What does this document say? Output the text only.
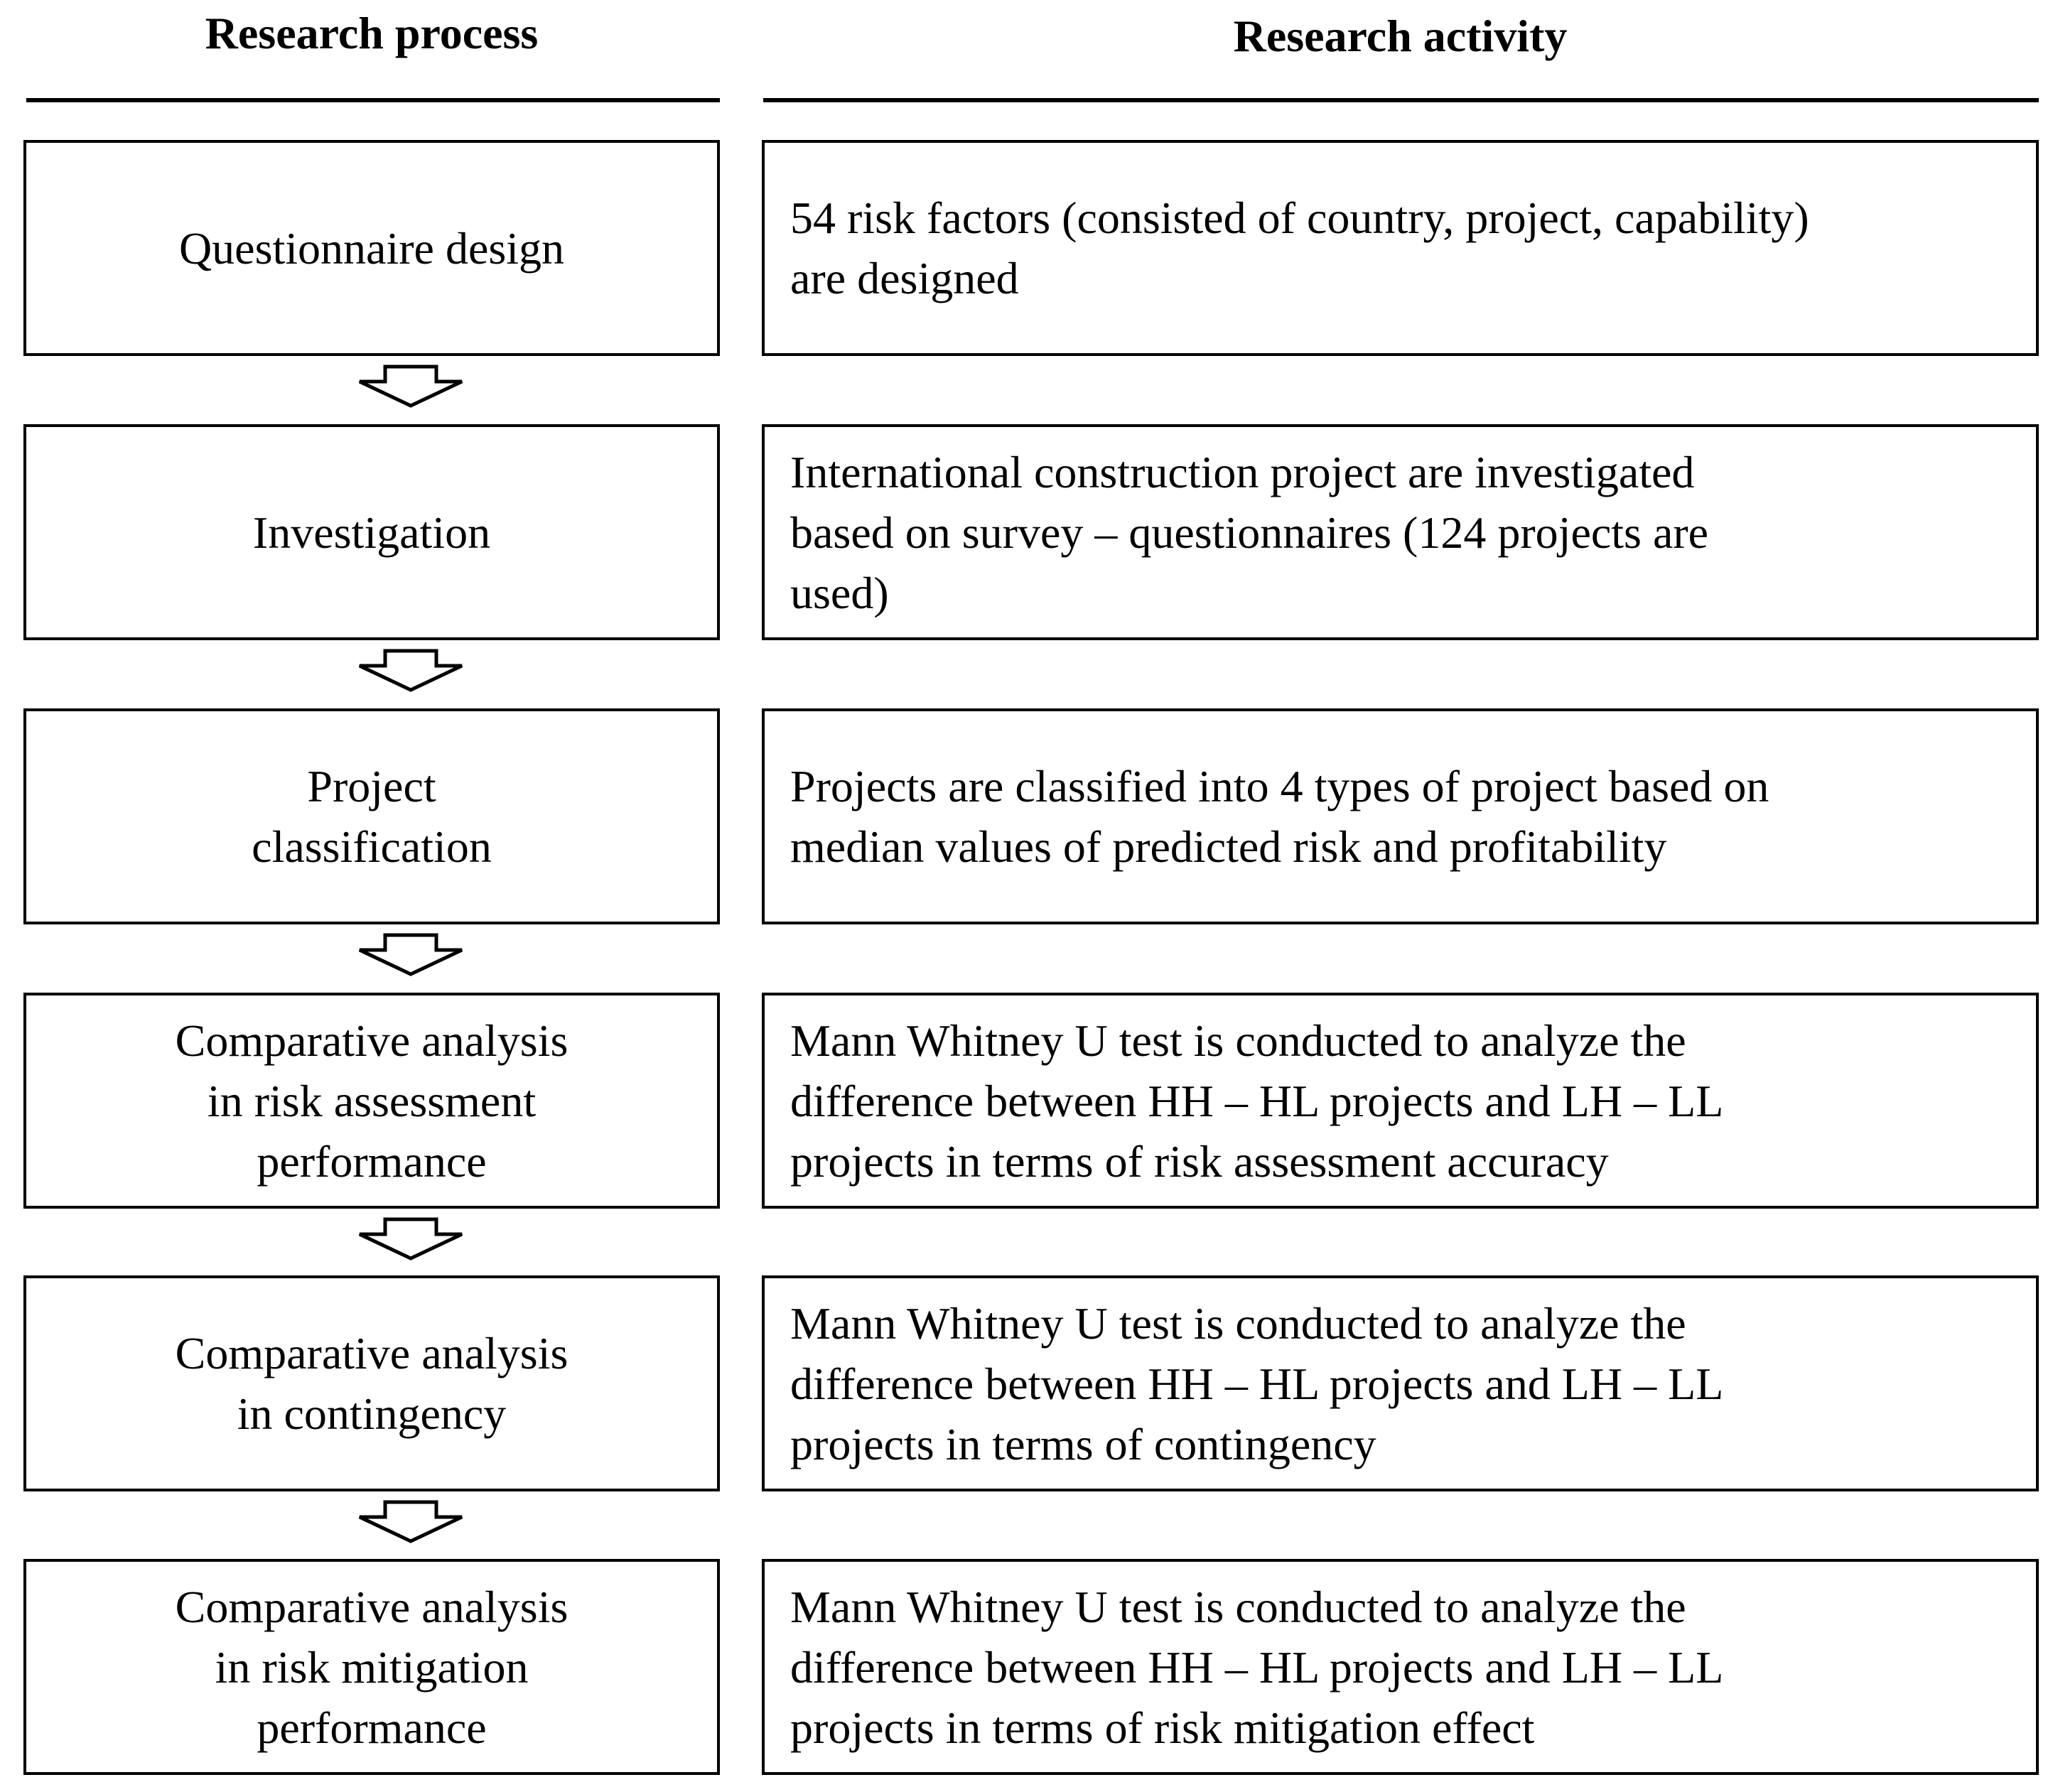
Research process	Research activity
Questionnaire design
54 risk factors (consisted of country, project, capability)
are designed
Investigation
International construction project are investigated
based on survey – questionnaires (124 projects are
used)
Project
classification
Projects are classified into 4 types of project based on
median values of predicted risk and profitability
Comparative analysis
in risk assessment
performance
Mann Whitney U test is conducted to analyze the
difference between HH – HL projects and LH – LL
projects in terms of risk assessment accuracy
Comparative analysis
in contingency
Mann Whitney U test is conducted to analyze the
difference between HH – HL projects and LH – LL
projects in terms of contingency
Comparative analysis
in risk mitigation
performance
Mann Whitney U test is conducted to analyze the
difference between HH – HL projects and LH – LL
projects in terms of risk mitigation effect
